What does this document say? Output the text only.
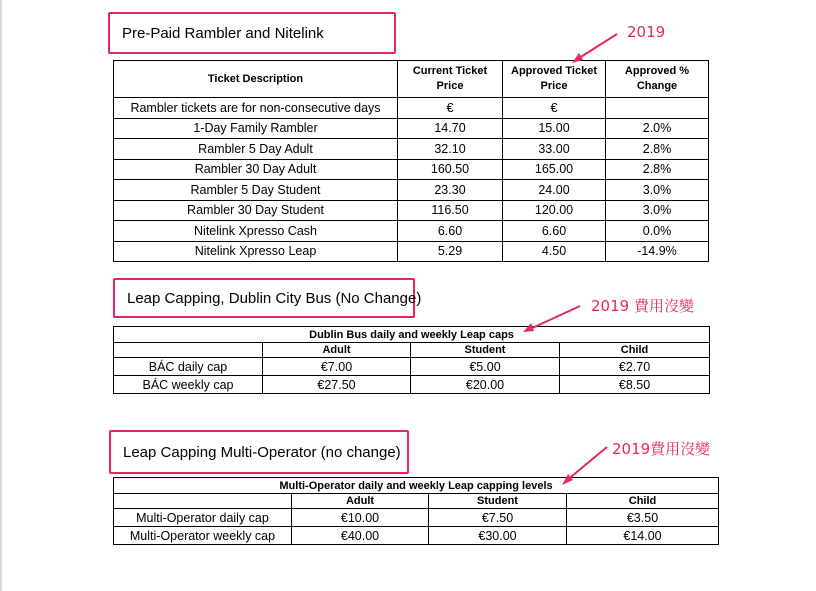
Pre-Paid Rambler and Nitelink	2019
Ticket Description	Current Ticket Price	Approved Ticket Price	Approved % Change
Rambler tickets are for non-consecutive days	€	€	
1-Day Family Rambler	14.70	15.00	2.0%
Rambler 5 Day Adult	32.10	33.00	2.8%
Rambler 30 Day Adult	160.50	165.00	2.8%
Rambler 5 Day Student	23.30	24.00	3.0%
Rambler 30 Day Student	116.50	120.00	3.0%
Nitelink Xpresso Cash	6.60	6.60	0.0%
Nitelink Xpresso Leap	5.29	4.50	-14.9%
Leap Capping, Dublin City Bus (No Change)	2019 費用沒變
Dublin Bus daily and weekly Leap caps			
	Adult	Student	Child
BÁC daily cap	€7.00	€5.00	€2.70
BÁC weekly cap	€27.50	€20.00	€8.50
Leap Capping Multi-Operator (no change)	2019費用沒變
Multi-Operator daily and weekly Leap capping levels			
	Adult	Student	Child
Multi-Operator daily cap	€10.00	€7.50	€3.50
Multi-Operator weekly cap	€40.00	€30.00	€14.00
